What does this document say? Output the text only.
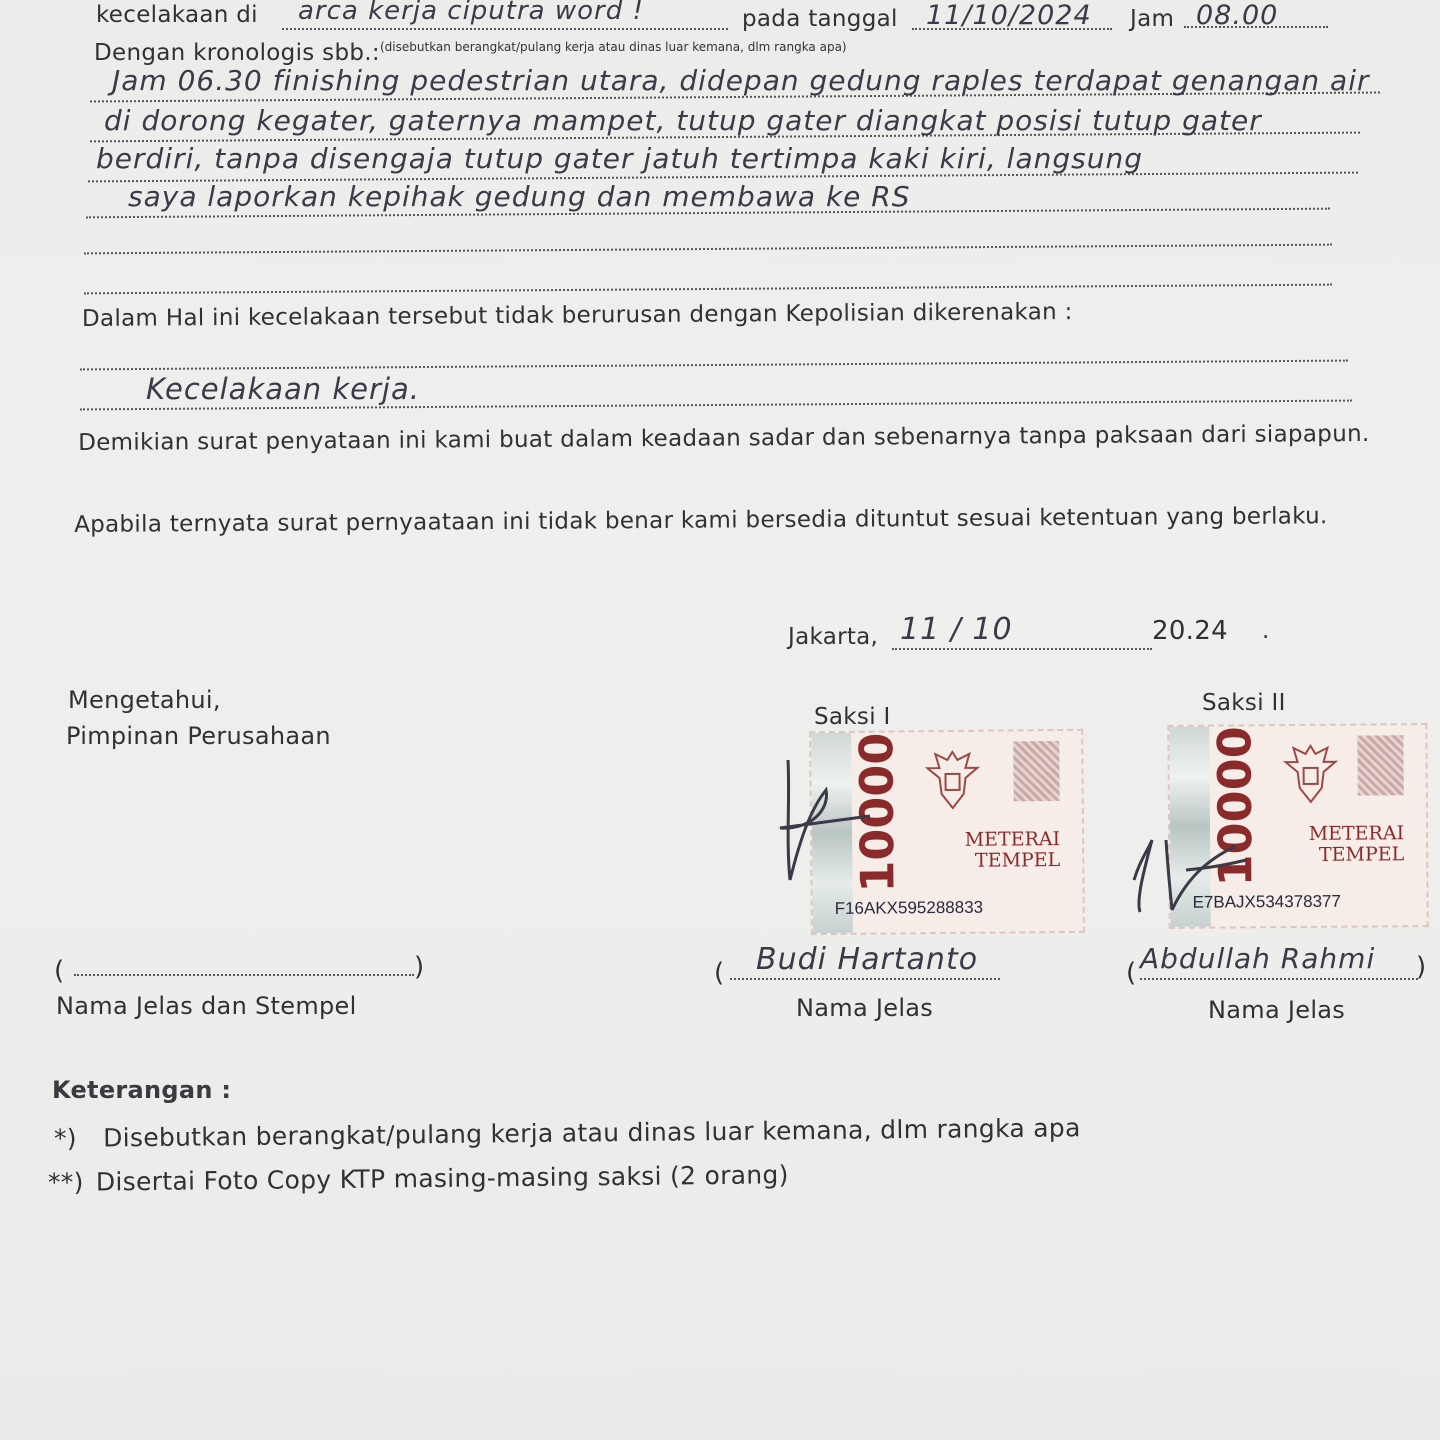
kecelakaan di arca kerja ciputra word !	pada tanggal 11/10/2024 Jam 08.00
Dengan kronologis sbb.: (disebutkan berangkat/pulang kerja atau dinas luar kemana, dlm rangka apa)
Jam 06.30 finishing pedestrian utara, didepan gedung raples terdapat genangan air
di dorong kegater, gaternya mampet, tutup gater diangkat posisi tutup gater
berdiri, tanpa disengaja tutup gater jatuh tertimpa kaki kiri, langsung
saya laporkan kepihak gedung dan membawa ke RS
Dalam Hal ini kecelakaan tersebut tidak berurusan dengan Kepolisian dikerenakan :
Kecelakaan kerja.
Demikian surat penyataan ini kami buat dalam keadaan sadar dan sebenarnya tanpa paksaan dari siapapun.
Apabila ternyata surat pernyaataan ini tidak benar kami bersedia dituntut sesuai ketentuan yang berlaku.
Jakarta, 11 / 10	20.24 .
Mengetahui,
Pimpinan Perusahaan
Saksi I
Saksi II
10000	METERAI
TEMPEL
F16AKX595288833
10000 METERAI
TEMPEL
E7BAJX534378377
(	)
Nama Jelas dan Stempel
( Budi Hartanto
Nama Jelas
( Abdullah Rahmi )
Nama Jelas
Keterangan :
*) Disebutkan berangkat/pulang kerja atau dinas luar kemana, dlm rangka apa
**) Disertai Foto Copy KTP masing-masing saksi (2 orang)
